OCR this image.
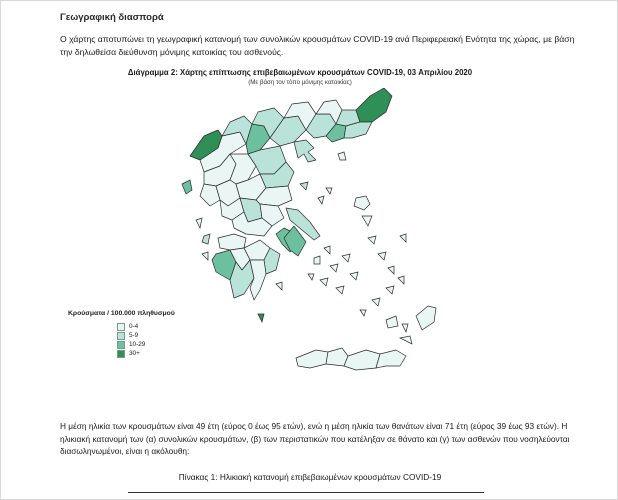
Γεωγραφική διασπορά
Ο χάρτης αποτυπώνει τη γεωγραφική κατανομή των συνολικών κρουσμάτων COVID-19 ανά Περιφερειακή Ενότητα της χώρας, με βάση την δηλωθείσα διεύθυνση μόνιμης κατοικίας του ασθενούς.
Διάγραμμα 2: Χάρτης επίπτωσης επιβεβαιωμένων κρουσμάτων COVID-19, 03 Απριλίου 2020
(Με βάση τον τόπο μόνιμης κατοικίας)
Κρούσματα / 100.000 πληθυσμού
0-4
5-9
10-29
30+
Η μέση ηλικία των κρουσμάτων είναι 49 έτη (εύρος 0 έως 95 ετών), ενώ η μέση ηλικία των θανάτων είναι 71 έτη (εύρος 39 έως 93 ετών). Η ηλικιακή κατανομή των (α) συνολικών κρουσμάτων, (β) των περιστατικών που κατέληξαν σε θάνατο και (γ) των ασθενών που νοσηλεύονται διασωληνωμένοι, είναι η ακόλουθη:
Πίνακας 1: Ηλικιακή κατανομή επιβεβαιωμένων κρουσμάτων COVID-19
